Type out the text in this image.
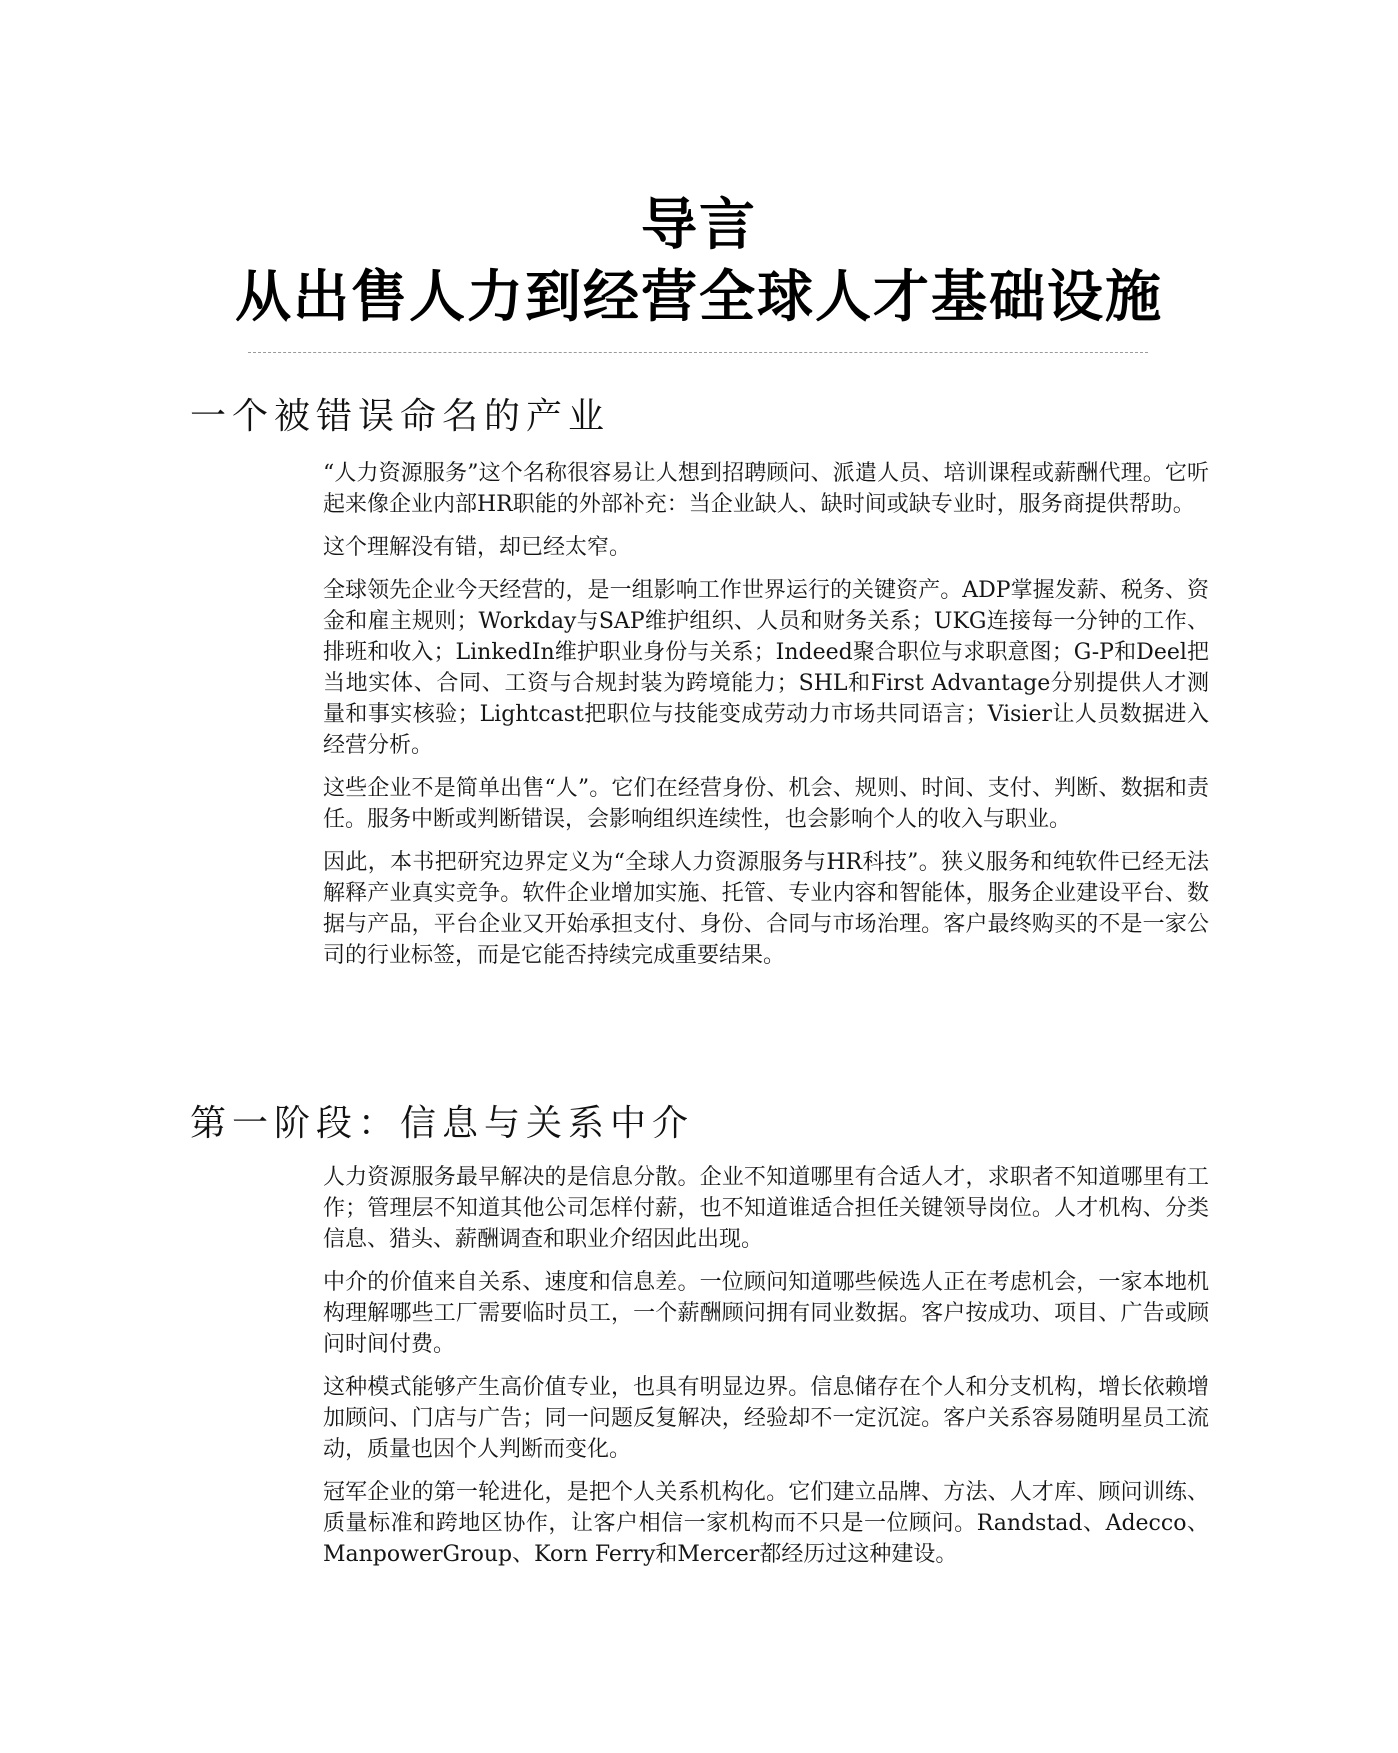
导言
从出售人力到经营全球人才基础设施
一个被错误命名的产业

“人力资源服务”这个名称很容易让人想到招聘顾问、派遣人员、培训课程或薪酬代理。它听起来像企业内部HR职能的外部补充：当企业缺人、缺时间或缺专业时，服务商提供帮助。

这个理解没有错，却已经太窄。

全球领先企业今天经营的，是一组影响工作世界运行的关键资产。ADP掌握发薪、税务、资金和雇主规则；Workday与SAP维护组织、人员和财务关系；UKG连接每一分钟的工作、排班和收入；LinkedIn维护职业身份与关系；Indeed聚合职位与求职意图；G-P和Deel把当地实体、合同、工资与合规封装为跨境能力；SHL和First Advantage分别提供人才测量和事实核验；Lightcast把职位与技能变成劳动力市场共同语言；Visier让人员数据进入经营分析。

这些企业不是简单出售“人”。它们在经营身份、机会、规则、时间、支付、判断、数据和责任。服务中断或判断错误，会影响组织连续性，也会影响个人的收入与职业。

因此，本书把研究边界定义为“全球人力资源服务与HR科技”。狭义服务和纯软件已经无法解释产业真实竞争。软件企业增加实施、托管、专业内容和智能体，服务企业建设平台、数据与产品，平台企业又开始承担支付、身份、合同与市场治理。客户最终购买的不是一家公司的行业标签，而是它能否持续完成重要结果。

第一阶段：信息与关系中介

人力资源服务最早解决的是信息分散。企业不知道哪里有合适人才，求职者不知道哪里有工作；管理层不知道其他公司怎样付薪，也不知道谁适合担任关键领导岗位。人才机构、分类信息、猎头、薪酬调查和职业介绍因此出现。

中介的价值来自关系、速度和信息差。一位顾问知道哪些候选人正在考虑机会，一家本地机构理解哪些工厂需要临时员工，一个薪酬顾问拥有同业数据。客户按成功、项目、广告或顾问时间付费。

这种模式能够产生高价值专业，也具有明显边界。信息储存在个人和分支机构，增长依赖增加顾问、门店与广告；同一问题反复解决，经验却不一定沉淀。客户关系容易随明星员工流动，质量也因个人判断而变化。

冠军企业的第一轮进化，是把个人关系机构化。它们建立品牌、方法、人才库、顾问训练、质量标准和跨地区协作，让客户相信一家机构而不只是一位顾问。Randstad、Adecco、ManpowerGroup、Korn Ferry和Mercer都经历过这种建设。
